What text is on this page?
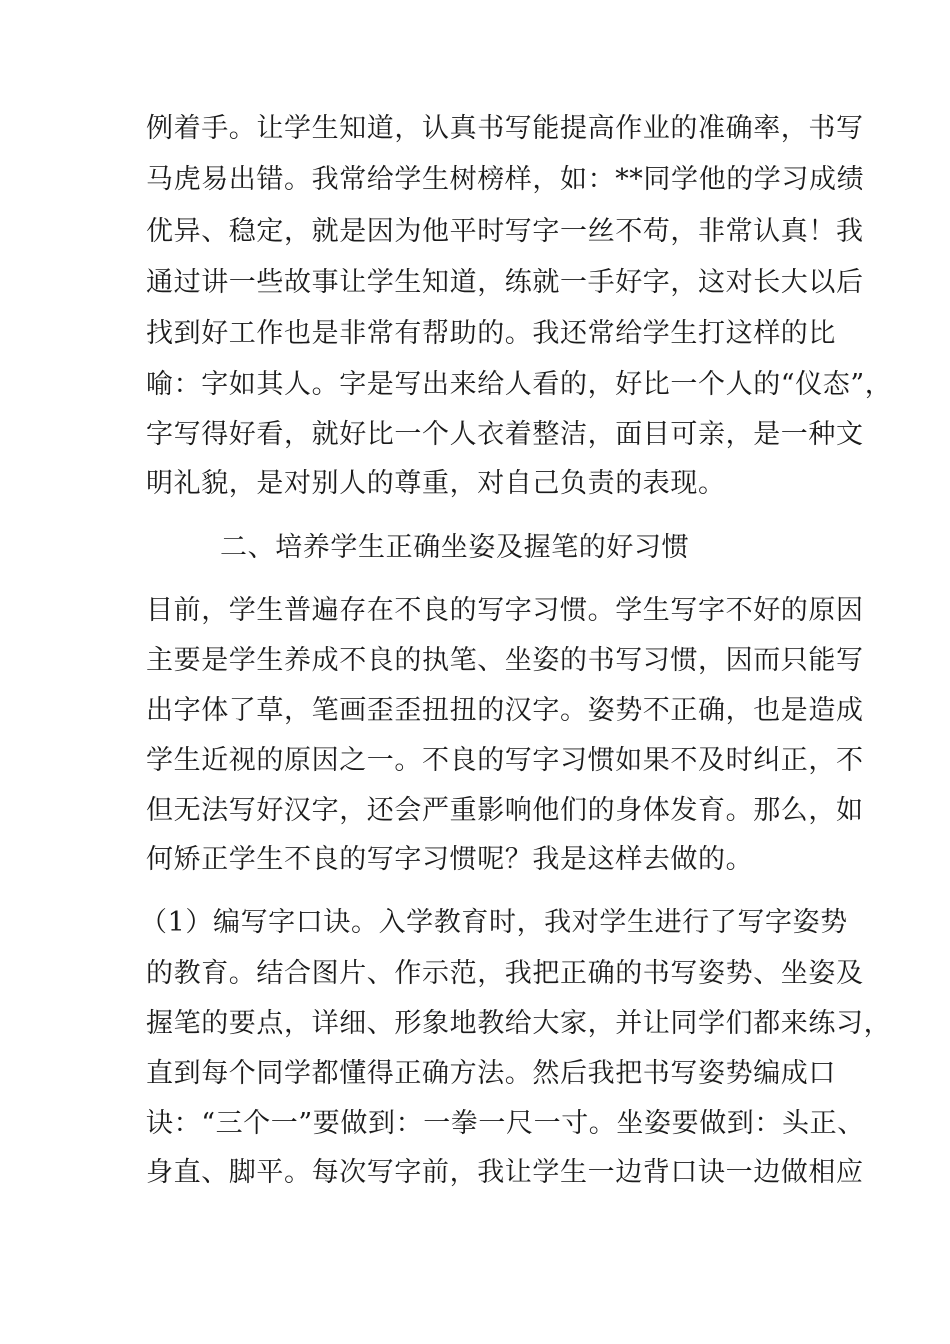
例着手。让学生知道，认真书写能提高作业的准确率，书写
马虎易出错。我常给学生树榜样，如：**同学他的学习成绩
优异、稳定，就是因为他平时写字一丝不苟，非常认真！我
通过讲一些故事让学生知道，练就一手好字，这对长大以后
找到好工作也是非常有帮助的。我还常给学生打这样的比
喻：字如其人。字是写出来给人看的，好比一个人的“仪态”，
字写得好看，就好比一个人衣着整洁，面目可亲，是一种文
明礼貌，是对别人的尊重，对自己负责的表现。
二、培养学生正确坐姿及握笔的好习惯
目前，学生普遍存在不良的写字习惯。学生写字不好的原因
主要是学生养成不良的执笔、坐姿的书写习惯，因而只能写
出字体了草，笔画歪歪扭扭的汉字。姿势不正确，也是造成
学生近视的原因之一。不良的写字习惯如果不及时纠正，不
但无法写好汉字，还会严重影响他们的身体发育。那么，如
何矫正学生不良的写字习惯呢？我是这样去做的。
（1）编写字口诀。入学教育时，我对学生进行了写字姿势
的教育。结合图片、作示范，我把正确的书写姿势、坐姿及
握笔的要点，详细、形象地教给大家，并让同学们都来练习，
直到每个同学都懂得正确方法。然后我把书写姿势编成口
诀：“三个一”要做到：一拳一尺一寸。坐姿要做到：头正、
身直、脚平。每次写字前，我让学生一边背口诀一边做相应
